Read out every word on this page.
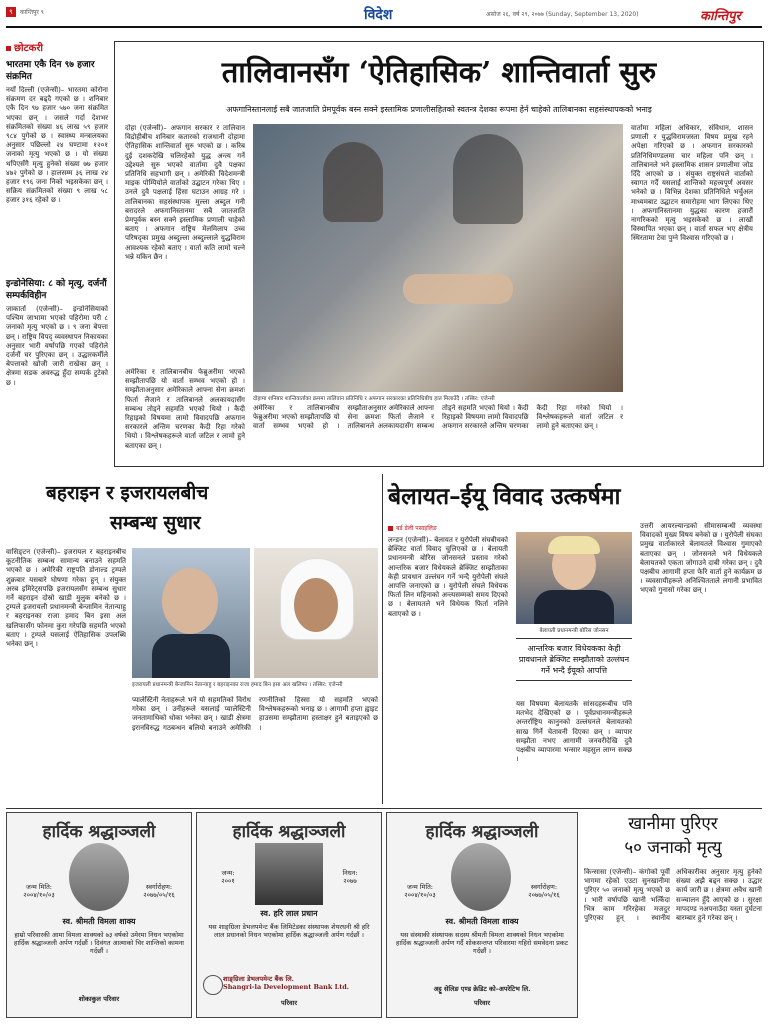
९	कान्तिपुर ९	विदेश	असोज २६, वर्ष २९, २०७७ (Sunday, September 13, 2020)	कान्तिपुर
छोटकरी
भारतमा एकै दिन ९७ हजार संक्रमित
नयाँ दिल्ली (एजेन्सी)– भारतमा कोरोना संक्रमण दर बढ्दै गएको छ । शनिबार एकै दिन ९७ हजार ५७० जना संक्रमित भएका छन् । जसले गर्दा देशभर संक्रमितको संख्या ४६ लाख ५९ हजार ९८४ पुगेको छ । स्वास्थ्य मन्त्रालयका अनुसार पछिल्लो २४ घण्टामा १२०१ जनाको मृत्यु भएको छ । यो संख्या थपिएसँगै मृत्यु हुनेको संख्या ७७ हजार ४७२ पुगेको छ । हालसम्म ३६ लाख २४ हजार १९६ जना निको भइसकेका छन् । सक्रिय संक्रमितको संख्या ९ लाख ५८ हजार ३१६ रहेको छ ।
इन्डोनेसिया: ८ को मृत्यु, दर्जनौं सम्पर्कविहीन
जाकार्ता (एजेन्सी)– इन्डोनेसियाको पश्चिम जाभामा भएको पहिरोमा परी ८ जनाको मृत्यु भएको छ । ९ जना बेपत्ता छन् । राष्ट्रिय विपद् व्यवस्थापन निकायका अनुसार भारी वर्षापछि गएको पहिरोले दर्जनौं घर पुरिएका छन् । उद्धारकर्मीले बेपत्ताको खोजी जारी राखेका छन् । क्षेत्रमा सडक अवरुद्ध हुँदा सम्पर्क टुटेको छ ।
तालिवानसँग ‘ऐतिहासिक’ शान्तिवार्ता सुरु
अफगानिस्तानलाई सबै जातजाति प्रेमपूर्वक बस्न सक्ने इस्लामिक प्रणालीसहितको स्वतन्त्र देशका रूपमा हेर्न चाहेको तालिबानका सहसंस्थापकको भनाइ
दोहा (एजेन्सी)– अफगान सरकार र तालिवान विद्रोहीबीच शनिबार कतारको राजधानी दोहामा ऐतिहासिक शान्तिवार्ता सुरु भएको छ । करिब दुई दशकदेखि चलिरहेको युद्ध अन्त्य गर्ने उद्देश्यले सुरु भएको वार्तामा दुवै पक्षका प्रतिनिधि सहभागी छन् । अमेरिकी विदेशमन्त्री माइक पोम्पियोले वार्ताको उद्घाटन गरेका थिए । उनले दुवै पक्षलाई हिंसा घटाउन आग्रह गरे । तालिबानका सहसंस्थापक मुल्ला अब्दुल गनी बरादरले अफगानिस्तानमा सबै जातजाति प्रेमपूर्वक बस्न सक्ने इस्लामिक प्रणाली चाहेको बताए । अफगान राष्ट्रिय मेलमिलाप उच्च परिषद्का प्रमुख अब्दुल्ला अब्दुल्लाले युद्धविराम आवश्यक रहेको बताए । वार्ता कति लामो चल्ने भन्ने यकिन छैन ।
दोहामा शनिबार शान्तिवार्ताका क्रममा तालिवान प्रतिनिधि र अफगान सरकारका प्रतिनिधिबीच हात मिलाउँदै । तस्बिर: एजेन्सी
अमेरिका र तालिबानबीच फेब्रुअरीमा भएको सम्झौतापछि यो वार्ता सम्भव भएको हो । सम्झौताअनुसार अमेरिकाले आफ्ना सेना क्रमशः फिर्ता लैजाने र तालिबानले अलकायदासँग सम्बन्ध तोड्ने सहमति भएको थियो । कैदी रिहाइको विषयमा लामो विवादपछि अफगान सरकारले अन्तिम चरणका कैदी रिहा गरेको थियो । विश्लेषकहरूले वार्ता जटिल र लामो हुने बताएका छन् ।
अमेरिका र तालिबानबीच फेब्रुअरीमा भएको सम्झौतापछि यो वार्ता सम्भव भएको हो । सम्झौताअनुसार अमेरिकाले आफ्ना सेना क्रमशः फिर्ता लैजाने र तालिबानले अलकायदासँग सम्बन्ध तोड्ने सहमति भएको थियो । कैदी रिहाइको विषयमा लामो विवादपछि अफगान सरकारले अन्तिम चरणका कैदी रिहा गरेको थियो । विश्लेषकहरूले वार्ता जटिल र लामो हुने बताएका छन् ।
वार्तामा महिला अधिकार, संविधान, शासन प्रणाली र युद्धविरामजस्ता विषय प्रमुख रहने अपेक्षा गरिएको छ । अफगान सरकारको प्रतिनिधिमण्डलमा चार महिला पनि छन् । तालिबानले भने इस्लामिक शासन प्रणालीमा जोड दिँदै आएको छ । संयुक्त राष्ट्रसंघले वार्ताको स्वागत गर्दै यसलाई शान्तिको महत्त्वपूर्ण अवसर भनेको छ । विभिन्न देशका प्रतिनिधिले भर्चुअल माध्यमबाट उद्घाटन समारोहमा भाग लिएका थिए । अफगानिस्तानमा युद्धका कारण हजारौं नागरिकको मृत्यु भइसकेको छ । लाखौं विस्थापित भएका छन् । वार्ता सफल भए क्षेत्रीय स्थिरतामा टेवा पुग्ने विश्वास गरिएको छ ।
बहराइन र इजरायलबीच
सम्बन्ध सुधार
वासिङ्टन (एजेन्सी)– इजरायल र बहराइनबीच कूटनीतिक सम्बन्ध सामान्य बनाउने सहमति भएको छ । अमेरिकी राष्ट्रपति डोनाल्ड ट्रम्पले शुक्रबार यसबारे घोषणा गरेका हुन् । संयुक्त अरब इमिरेट्सपछि इजरायलसँग सम्बन्ध सुधार गर्ने बहराइन दोस्रो खाडी मुलुक बनेको छ । ट्रम्पले इजरायली प्रधानमन्त्री बेन्जामिन नेतान्याहु र बहराइनका राजा हमाद बिन इसा अल खलिफासँग फोनमा कुरा गरेपछि सहमति भएको बताए । ट्रम्पले यसलाई ऐतिहासिक उपलब्धि भनेका छन् ।
इजरायली प्रधानमन्त्री बेन्जामिन नेतान्याहु र बहराइनका राजा हमाद बिन इसा अल खलिफा । तस्बिर: एजेन्सी
प्यालेस्टिनी नेताहरूले भने यो सहमतिको विरोध गरेका छन् । उनीहरूले यसलाई प्यालेस्टिनी जनतामाथिको धोका भनेका छन् । खाडी क्षेत्रमा इरानविरुद्ध गठबन्धन बलियो बनाउने अमेरिकी रणनीतिको हिस्सा यो सहमति भएको विश्लेषकहरूको भनाइ छ । आगामी हप्ता ह्वाइट हाउसमा सम्झौतामा हस्ताक्षर हुने बताइएको छ ।
बेलायत–ईयू विवाद उत्कर्षमा
बर्ड डेली पसाइलिङ
लन्डन (एजेन्सी)– बेलायत र युरोपेली संघबीचको ब्रेक्जिट वार्ता विवाद चुलिएको छ । बेलायती प्रधानमन्त्री बोरिस जोनसनले प्रस्ताव गरेको आन्तरिक बजार विधेयकले ब्रेक्जिट सम्झौताका केही प्रावधान उल्लंघन गर्ने भन्दै युरोपेली संघले आपत्ति जनाएको छ । युरोपेली संघले विधेयक फिर्ता लिन महिनाको अन्त्यसम्मको समय दिएको छ । बेलायतले भने विधेयक फिर्ता नलिने बताएको छ ।
बेलायती प्रधानमन्त्री बोरिस जोनसन
आन्तरिक बजार विधेयकका केही प्रावधानले ब्रेक्जिट सम्झौताको उल्लंघन गर्ने भन्दै ईयूको आपत्ति
यस विषयमा बेलायतकै सांसदहरूबीच पनि मतभेद देखिएको छ । पूर्वप्रधानमन्त्रीहरूले अन्तर्राष्ट्रिय कानुनको उल्लंघनले बेलायतको साख गिर्ने चेतावनी दिएका छन् । व्यापार सम्झौता नभए आगामी जनवरीदेखि दुवै पक्षबीच व्यापारमा भन्सार महसुल लाग्न सक्छ ।
उत्तरी आयरल्यान्डको सीमासम्बन्धी व्यवस्था विवादको मुख्य विषय बनेको छ । युरोपेली संघका प्रमुख वार्ताकारले बेलायतले विश्वास गुमाएको बताएका छन् । जोनसनले भने विधेयकले बेलायतको एकता जोगाउने दाबी गरेका छन् । दुवै पक्षबीच आगामी हप्ता फेरि वार्ता हुने कार्यक्रम छ । व्यवसायीहरूले अनिश्चितताले लगानी प्रभावित भएको गुनासो गरेका छन् ।
हार्दिक श्रद्धाञ्जली
जन्म मिति:
२००४/१०/०३
स्वर्गारोहण:
२०७७/०५/१६
स्व. श्रीमती विमला शाक्य
हाम्रो परिवारकी आमा विमला शाक्यको ७३ वर्षको उमेरमा निधन भएकोमा हार्दिक श्रद्धाञ्जली अर्पण गर्दछौं । दिवंगत आत्माको चिर शान्तिको कामना गर्दछौं ।
शोकाकुल परिवार
हार्दिक श्रद्धाञ्जली
जन्म:
२००१
निधन:
२०७७
स्व. हरि लाल प्रधान
यस शाङ्ग्रिला डेभलपमेन्ट बैंक लिमिटेडका संस्थापक शेयरधनी श्री हरि लाल प्रधानको निधन भएकोमा हार्दिक श्रद्धाञ्जली अर्पण गर्दछौं ।
शाङ्ग्रिला डेभलपमेन्ट बैंक लि.
Shangri-la Development Bank Ltd.
परिवार
हार्दिक श्रद्धाञ्जली
जन्म मिति:
२००४/१०/०३
स्वर्गारोहण:
२०७७/०५/१६
स्व. श्रीमती विमला शाक्य
यस संस्थाकी संस्थापक सदस्य श्रीमती विमला शाक्यको निधन भएकोमा हार्दिक श्रद्धाञ्जली अर्पण गर्दै शोकसन्तप्त परिवारमा गहिरो समवेदना प्रकट गर्दछौं ।
अट्टू सेलिङ एण्ड क्रेडिट को–अपरेटिभ लि.
परिवार
खानीमा पुरिएर
५० जनाको मृत्यु
किन्सासा (एजेन्सी)– कंगोको पूर्वी भागमा रहेको एउटा सुनखानीमा पुरिएर ५० जनाको मृत्यु भएको छ । भारी वर्षापछि खानी भत्किँदा भित्र काम गरिरहेका मजदुर पुरिएका हुन् । स्थानीय अधिकारीका अनुसार मृत्यु हुनेको संख्या अझै बढ्न सक्छ । उद्धार कार्य जारी छ । क्षेत्रमा अवैध खानी सञ्चालन हुँदै आएको छ । सुरक्षा मापदण्ड नअपनाउँदा यस्ता दुर्घटना बारम्बार हुने गरेका छन् ।
